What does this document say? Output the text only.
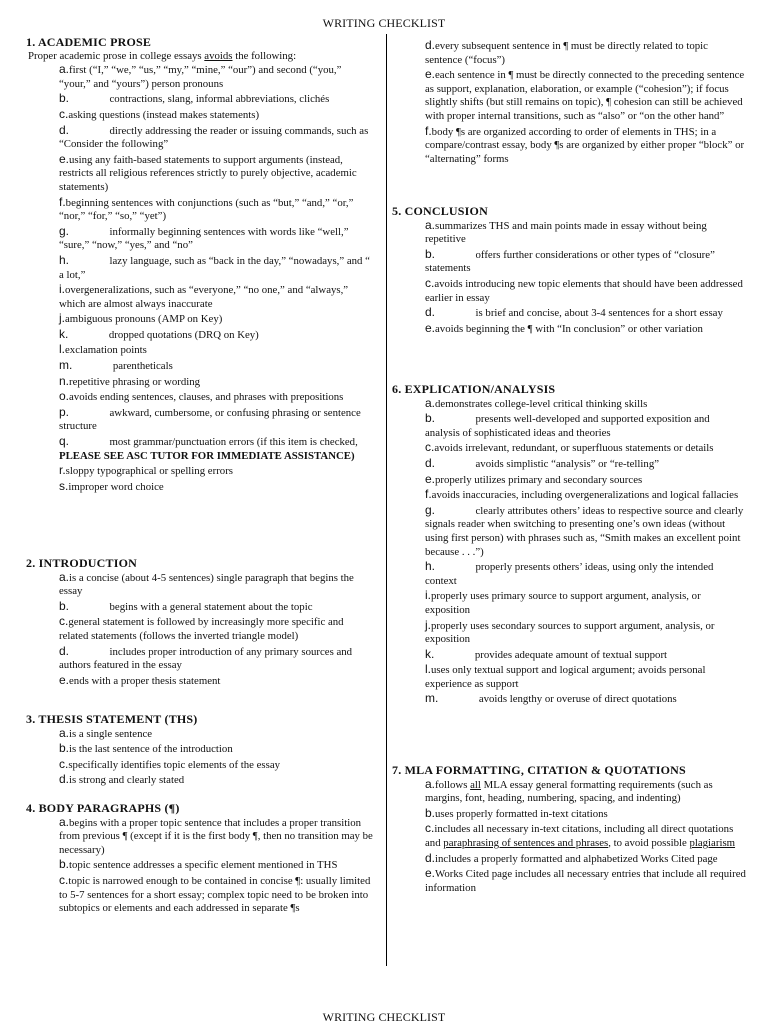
WRITING CHECKLIST
1. ACADEMIC PROSE
Proper academic prose in college essays avoids the following:
a.first (“I,” “we,” “us,” “my,” “mine,” “our”) and second (“you,” “your,” and “yours”) person pronouns
b.    	contractions, slang, informal abbreviations, clichés
c.asking questions (instead makes statements)
d.    	directly addressing the reader or issuing commands, such as “Consider the following”
e.using any faith-based statements to support arguments (instead, restricts all religious references strictly to purely objective, academic statements)
f.beginning sentences with conjunctions (such as “but,” “and,” “or,” “nor,” “for,” “so,” “yet”)
g.    	informally beginning sentences with words like “well,” “sure,” “now,” “yes,” and “no”
h.    	lazy language, such as “back in the day,” “nowadays,” and “ a lot,”
i.overgeneralizations, such as “everyone,” “no one,” and “always,” which are almost always inaccurate
j.ambiguous pronouns (AMP on Key)
k.    	dropped quotations (DRQ on Key)
l.exclamation points
m.    	parentheticals
n.repetitive phrasing or wording
o.avoids ending sentences, clauses, and phrases with prepositions
p.    	awkward, cumbersome, or confusing phrasing or sentence structure
q.    	most grammar/punctuation errors (if this item is checked, PLEASE SEE ASC TUTOR FOR IMMEDIATE ASSISTANCE)
r.sloppy typographical or spelling errors
s.improper word choice
2. INTRODUCTION
a.is a concise (about 4-5 sentences) single paragraph that begins the essay
b.    	begins with a general statement about the topic
c.general statement is followed by increasingly more specific and related statements (follows the inverted triangle model)
d.    	includes proper introduction of any primary sources and authors featured in the essay
e.ends with a proper thesis statement
3. THESIS STATEMENT (THS)
a.is a single sentence
b.is the last sentence of the introduction
c.specifically identifies topic elements of the essay
d.is strong and clearly stated
4. BODY PARAGRAPHS (¶)
a.begins with a proper topic sentence that includes a proper transition from previous ¶ (except if it is the first body ¶, then no transition may be necessary)
b.topic sentence addresses a specific element mentioned in THS
c.topic is narrowed enough to be contained in concise ¶: usually limited to 5-7 sentences for a short essay; complex topic need to be broken into subtopics or elements and each addressed in separate ¶s
d.every subsequent sentence in ¶ must be directly related to topic sentence (“focus”)
e.each sentence in ¶ must be directly connected to the preceding sentence as support, explanation, elaboration, or example (“cohesion”); if focus slightly shifts (but still remains on topic), ¶ cohesion can still be achieved with proper internal transitions, such as “also” or “on the other hand”
f.body ¶s are organized according to order of elements in THS; in a compare/contrast essay, body ¶s are organized by either proper “block” or “alternating” forms
5. CONCLUSION
a.summarizes THS and main points made in essay without being repetitive
b.    	offers further considerations or other types of “closure” statements
c.avoids introducing new topic elements that should have been addressed earlier in essay
d.    	is brief and concise, about 3-4 sentences for a short essay
e.avoids beginning the ¶ with “In conclusion” or other variation
6. EXPLICATION/ANALYSIS
a.demonstrates college-level critical thinking skills
b.    	presents well-developed and supported exposition and analysis of sophisticated ideas and theories
c.avoids irrelevant, redundant, or superfluous statements or details
d.    	avoids simplistic “analysis” or “re-telling”
e.properly utilizes primary and secondary sources
f.avoids inaccuracies, including overgeneralizations and logical fallacies
g.    	clearly attributes others’ ideas to respective source and clearly signals reader when switching to presenting one’s own ideas (without using first person) with phrases such as, “Smith makes an excellent point because . . .”)
h.    	properly presents others’ ideas, using only the intended context
i.properly uses primary source to support argument, analysis, or exposition
j.properly uses secondary sources to support argument, analysis, or exposition
k.    	provides adequate amount of textual support
l.uses only textual support and logical argument; avoids personal experience as support
m.    	avoids lengthy or overuse of direct quotations
7. MLA FORMATTING, CITATION & QUOTATIONS
a.follows all MLA essay general formatting requirements (such as margins, font, heading, numbering, spacing, and indenting)
b.uses properly formatted in-text citations
c.includes all necessary in-text citations, including all direct quotations and paraphrasing of sentences and phrases, to avoid possible plagiarism
d.includes a properly formatted and alphabetized Works Cited page
e.Works Cited page includes all necessary entries that include all required information
WRITING CHECKLIST
